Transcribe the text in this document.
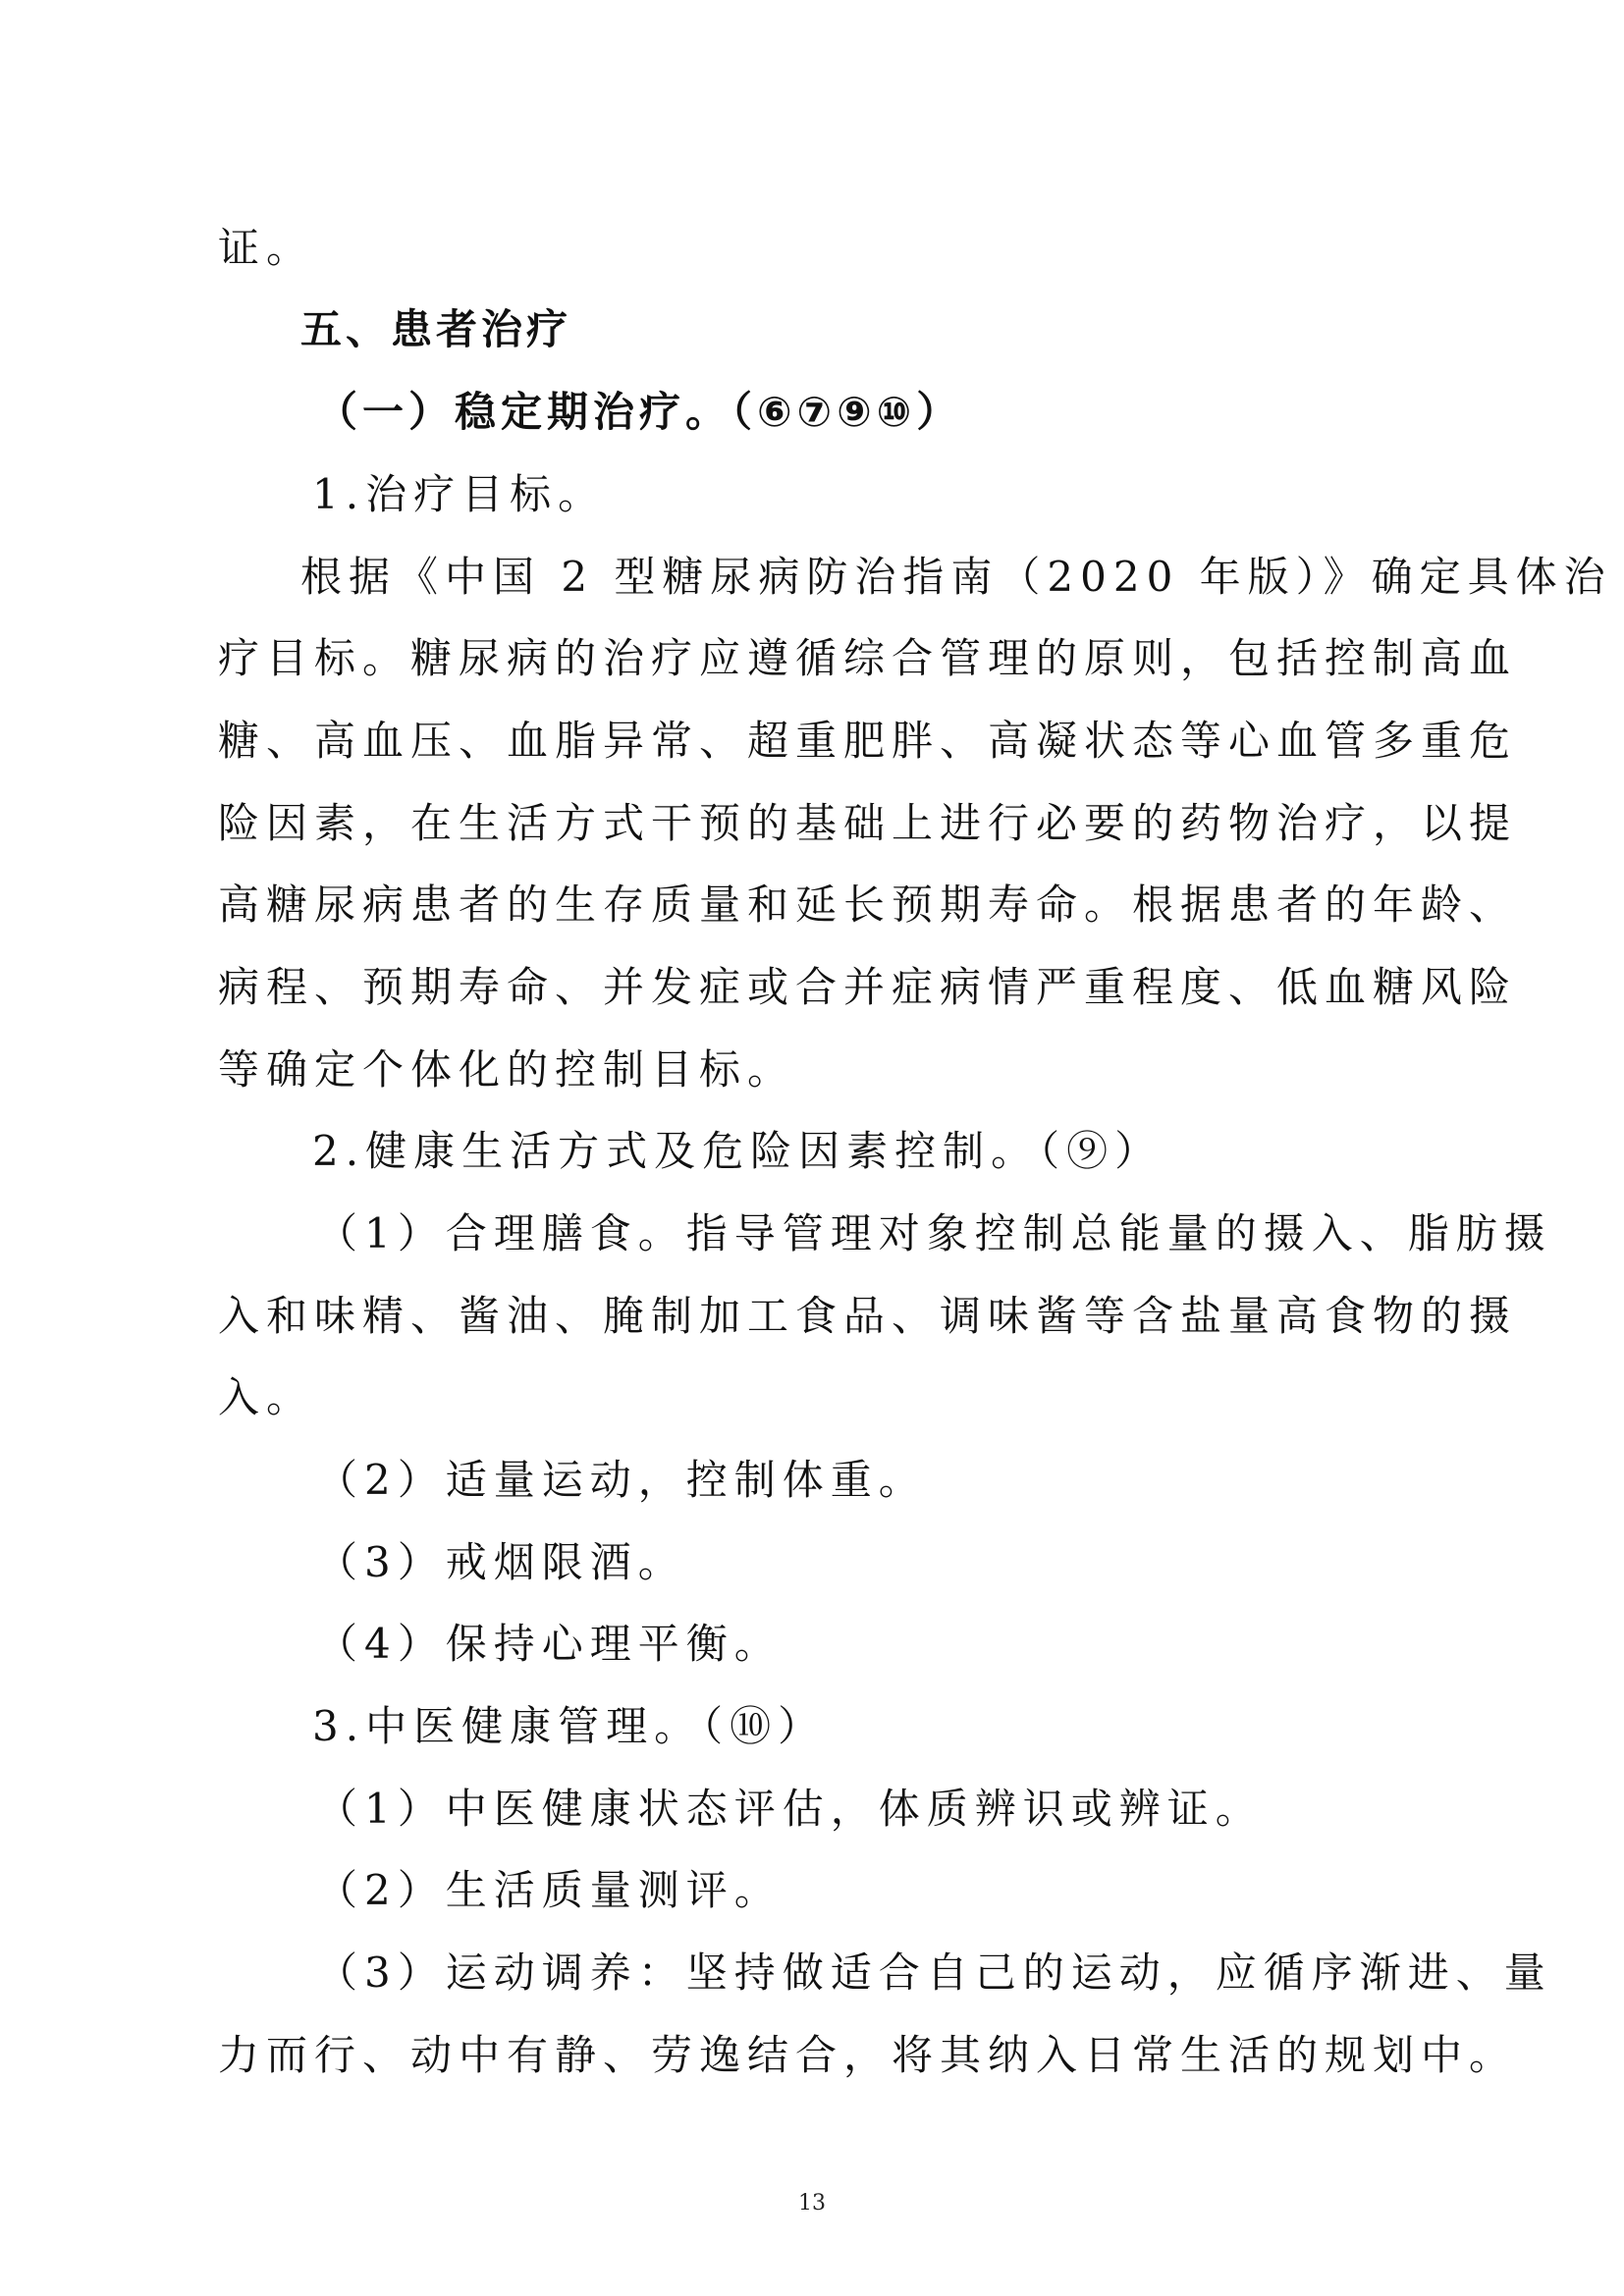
证。
五、患者治疗
（一）稳定期治疗。（⑥⑦⑨⑩）
1.治疗目标。
根据《中国 2 型糖尿病防治指南（2020 年版）》确定具体治
疗目标。糖尿病的治疗应遵循综合管理的原则，包括控制高血
糖、高血压、血脂异常、超重肥胖、高凝状态等心血管多重危
险因素，在生活方式干预的基础上进行必要的药物治疗，以提
高糖尿病患者的生存质量和延长预期寿命。根据患者的年龄、
病程、预期寿命、并发症或合并症病情严重程度、低血糖风险
等确定个体化的控制目标。
2.健康生活方式及危险因素控制。（⑨）
（1）合理膳食。指导管理对象控制总能量的摄入、脂肪摄
入和味精、酱油、腌制加工食品、调味酱等含盐量高食物的摄
入。
（2）适量运动，控制体重。
（3）戒烟限酒。
（4）保持心理平衡。
3.中医健康管理。（⑩）
（1）中医健康状态评估，体质辨识或辨证。
（2）生活质量测评。
（3）运动调养：坚持做适合自己的运动，应循序渐进、量
力而行、动中有静、劳逸结合，将其纳入日常生活的规划中。
13
